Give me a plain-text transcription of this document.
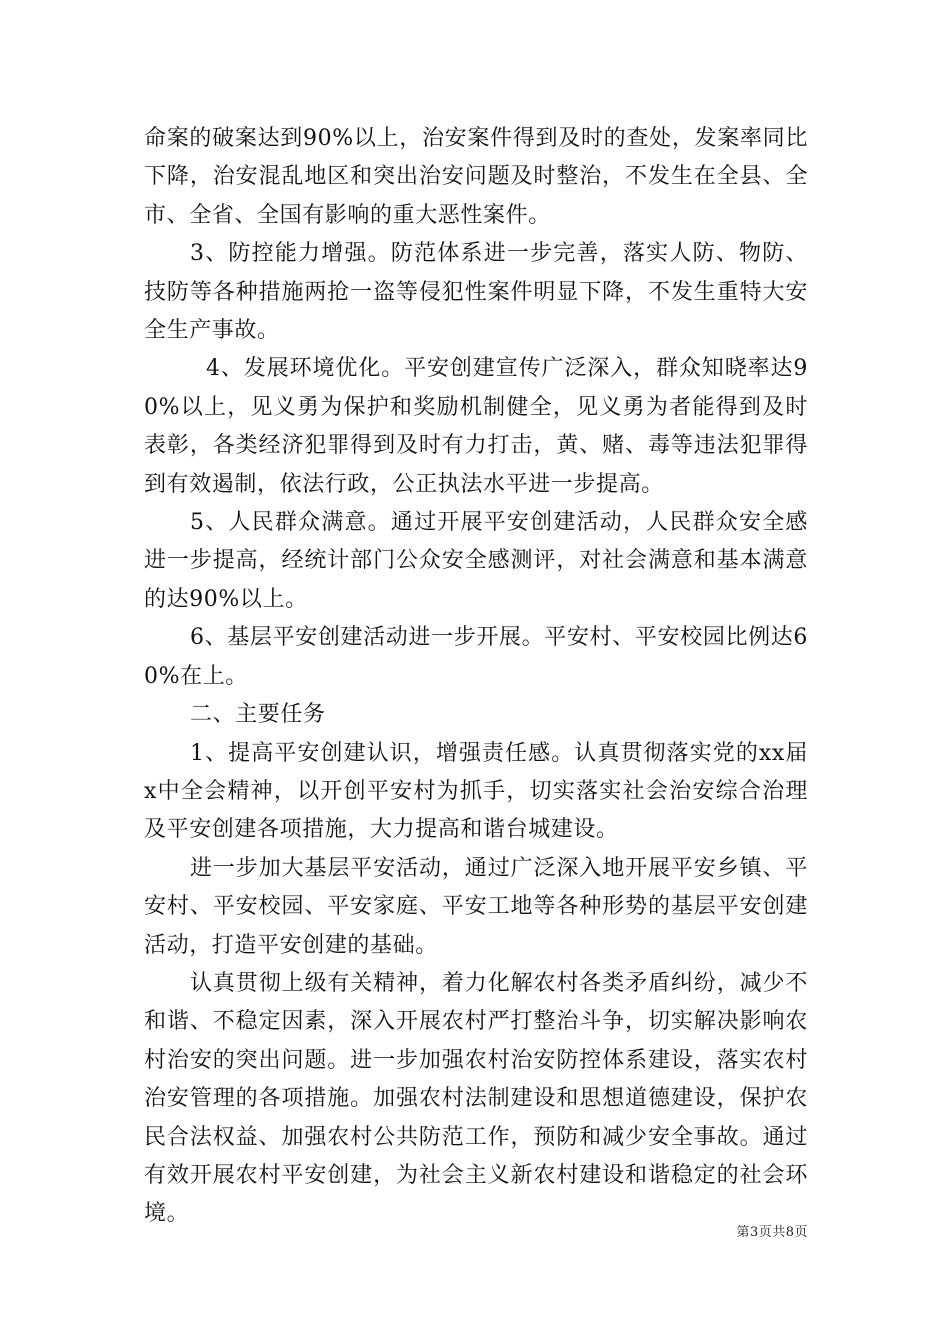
命案的破案达到90%以上，治安案件得到及时的查处，发案率同比下降，治安混乱地区和突出治安问题及时整治，不发生在全县、全市、全省、全国有影响的重大恶性案件。

3、防控能力增强。防范体系进一步完善，落实人防、物防、技防等各种措施两抢一盗等侵犯性案件明显下降，不发生重特大安全生产事故。

4、发展环境优化。平安创建宣传广泛深入，群众知晓率达90%以上，见义勇为保护和奖励机制健全，见义勇为者能得到及时表彰，各类经济犯罪得到及时有力打击，黄、赌、毒等违法犯罪得到有效遏制，依法行政，公正执法水平进一步提高。

5、人民群众满意。通过开展平安创建活动，人民群众安全感进一步提高，经统计部门公众安全感测评，对社会满意和基本满意的达90%以上。

6、基层平安创建活动进一步开展。平安村、平安校园比例达60%在上。

二、主要任务

1、提高平安创建认识，增强责任感。认真贯彻落实党的xx届x中全会精神，以开创平安村为抓手，切实落实社会治安综合治理及平安创建各项措施，大力提高和谐台城建设。

进一步加大基层平安活动，通过广泛深入地开展平安乡镇、平安村、平安校园、平安家庭、平安工地等各种形势的基层平安创建活动，打造平安创建的基础。

认真贯彻上级有关精神，着力化解农村各类矛盾纠纷，减少不和谐、不稳定因素，深入开展农村严打整治斗争，切实解决影响农村治安的突出问题。进一步加强农村治安防控体系建设，落实农村治安管理的各项措施。加强农村法制建设和思想道德建设，保护农民合法权益、加强农村公共防范工作，预防和减少安全事故。通过有效开展农村平安创建，为社会主义新农村建设和谐稳定的社会环境。

第3页共8页
